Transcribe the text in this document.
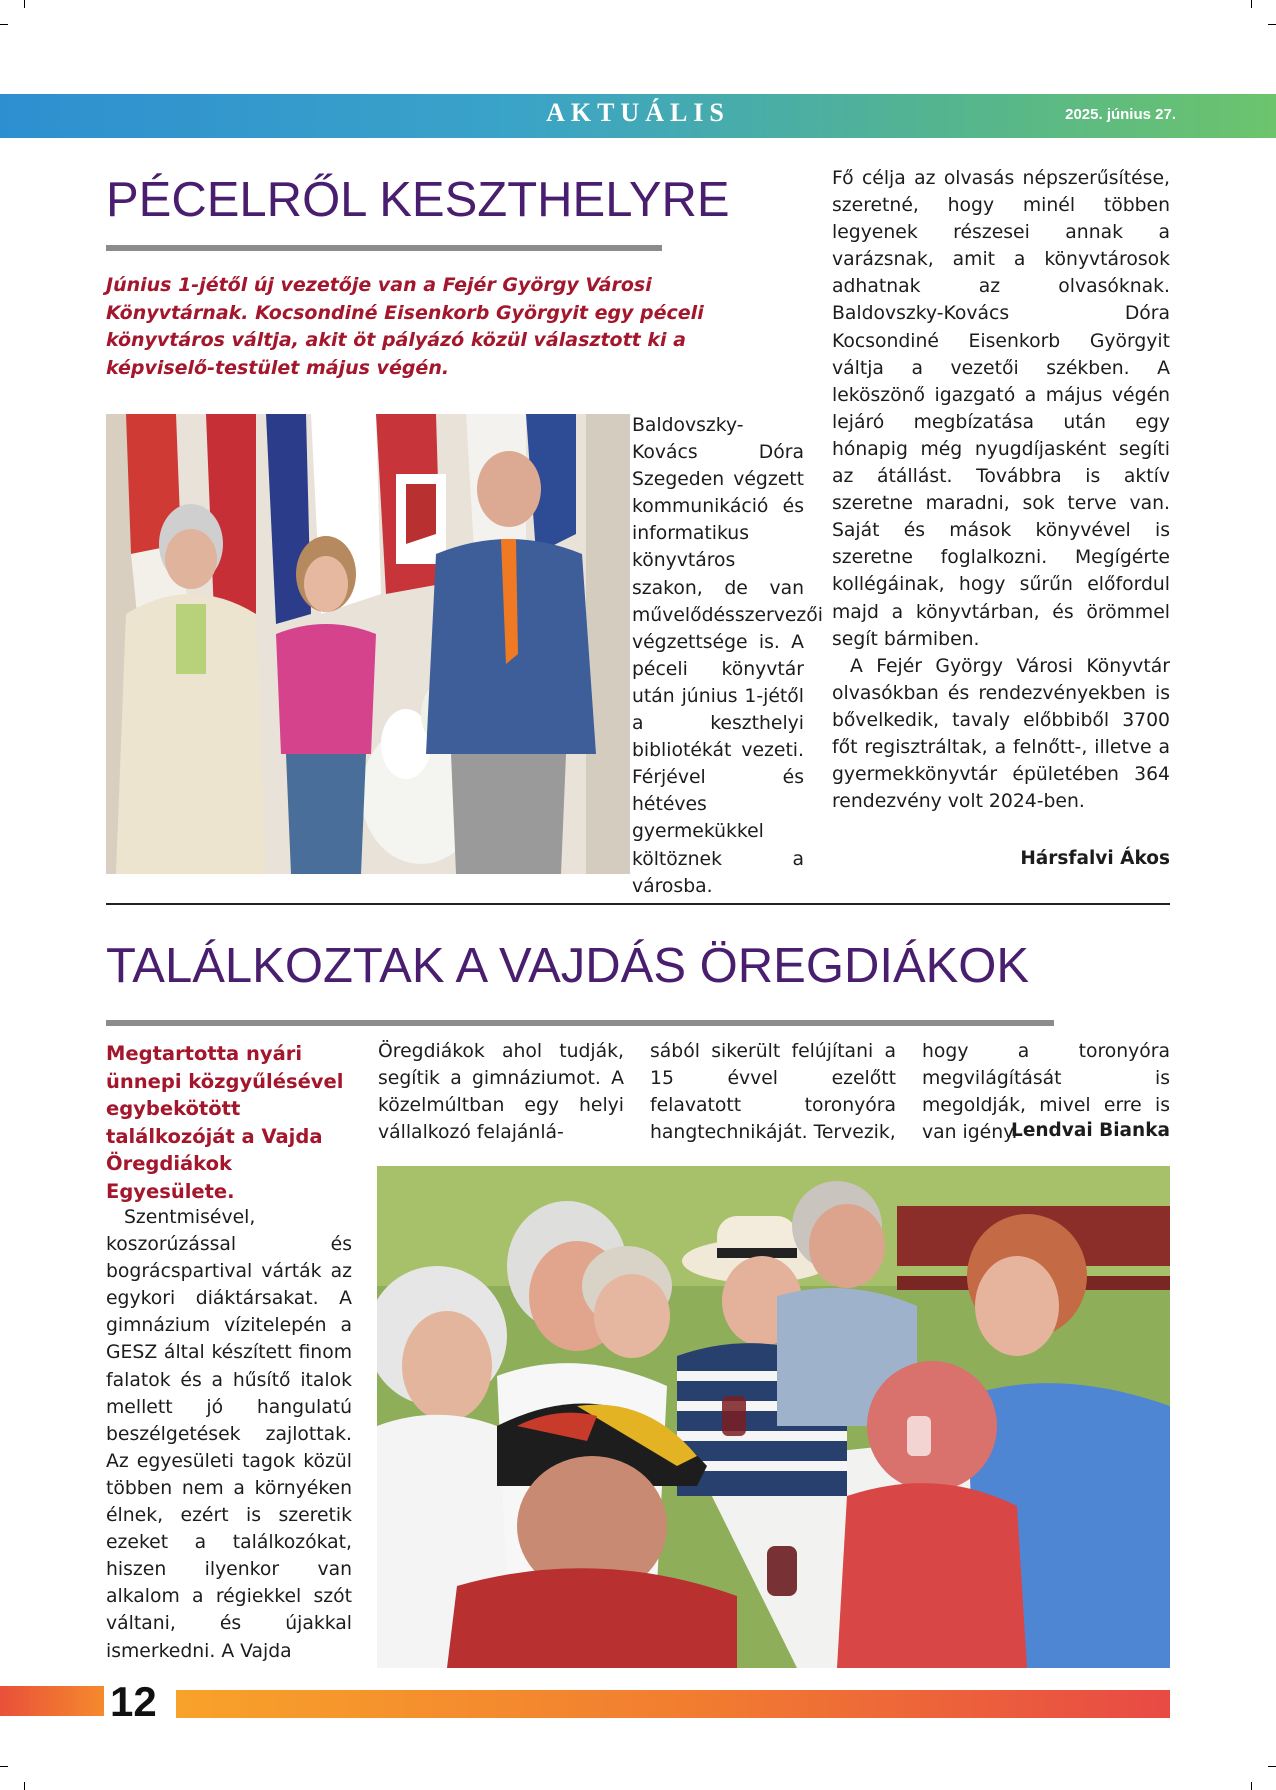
AKTUÁLIS	2025. június 27.
PÉCELRŐL KESZTHELYRE
Június 1-jétől új vezetője van a Fejér György Városi Könyvtárnak. Kocsondiné Eisenkorb Györgyit egy péceli könyvtáros váltja, akit öt pályázó közül választott ki a képviselő-testület május végén.

Baldovszky-Kovács Dóra Szegeden végzett kommunikáció és informatikus könyvtáros szakon, de van művelődésszervezői végzettsége is. A péceli könyvtár után június 1-jétől a keszthelyi bibliotékát vezeti. Férjével és hétéves gyermekükkel költöznek a városba.

Fő célja az olvasás népszerűsítése, szeretné, hogy minél többen legyenek részesei annak a varázsnak, amit a könyvtárosok adhatnak az olvasóknak. Baldovszky-Kovács Dóra Kocsondiné Eisenkorb Györgyit váltja a vezetői székben. A leköszönő igazgató a május végén lejáró megbízatása után egy hónapig még nyugdíjasként segíti az átállást. Továbbra is aktív szeretne maradni, sok terve van. Saját és mások könyvével is szeretne foglalkozni. Megígérte kollégáinak, hogy sűrűn előfordul majd a könyvtárban, és örömmel segít bármiben.

A Fejér György Városi Könyvtár olvasókban és rendezvényekben is bővelkedik, tavaly előbbiből 3700 főt regisztráltak, a felnőtt-, illetve a gyermekkönyvtár épületében 364 rendezvény volt 2024-ben.

Hársfalvi Ákos
TALÁLKOZTAK A VAJDÁS ÖREGDIÁKOK
Megtartotta nyári ünnepi közgyűlésével egybekötött találkozóját a Vajda Öregdiákok Egyesülete.

Szentmisével, koszorúzással és bográcspartival várták az egykori diáktársakat. A gimnázium vízitelepén a GESZ által készített finom falatok és a hűsítő italok mellett jó hangulatú beszélgetések zajlottak. Az egyesületi tagok közül többen nem a környéken élnek, ezért is szeretik ezeket a találkozókat, hiszen ilyenkor van alkalom a régiekkel szót váltani, és újakkal ismerkedni. A Vajda

Öregdiákok ahol tudják, segítik a gimnáziumot. A közelmúltban egy helyi vállalkozó felajánlá-

sából sikerült felújítani a 15 évvel ezelőtt felavatott toronyóra hangtechnikáját. Tervezik,

hogy a toronyóra megvilágítását is megoldják, mivel erre is van igény.

Lendvai Bianka
12
